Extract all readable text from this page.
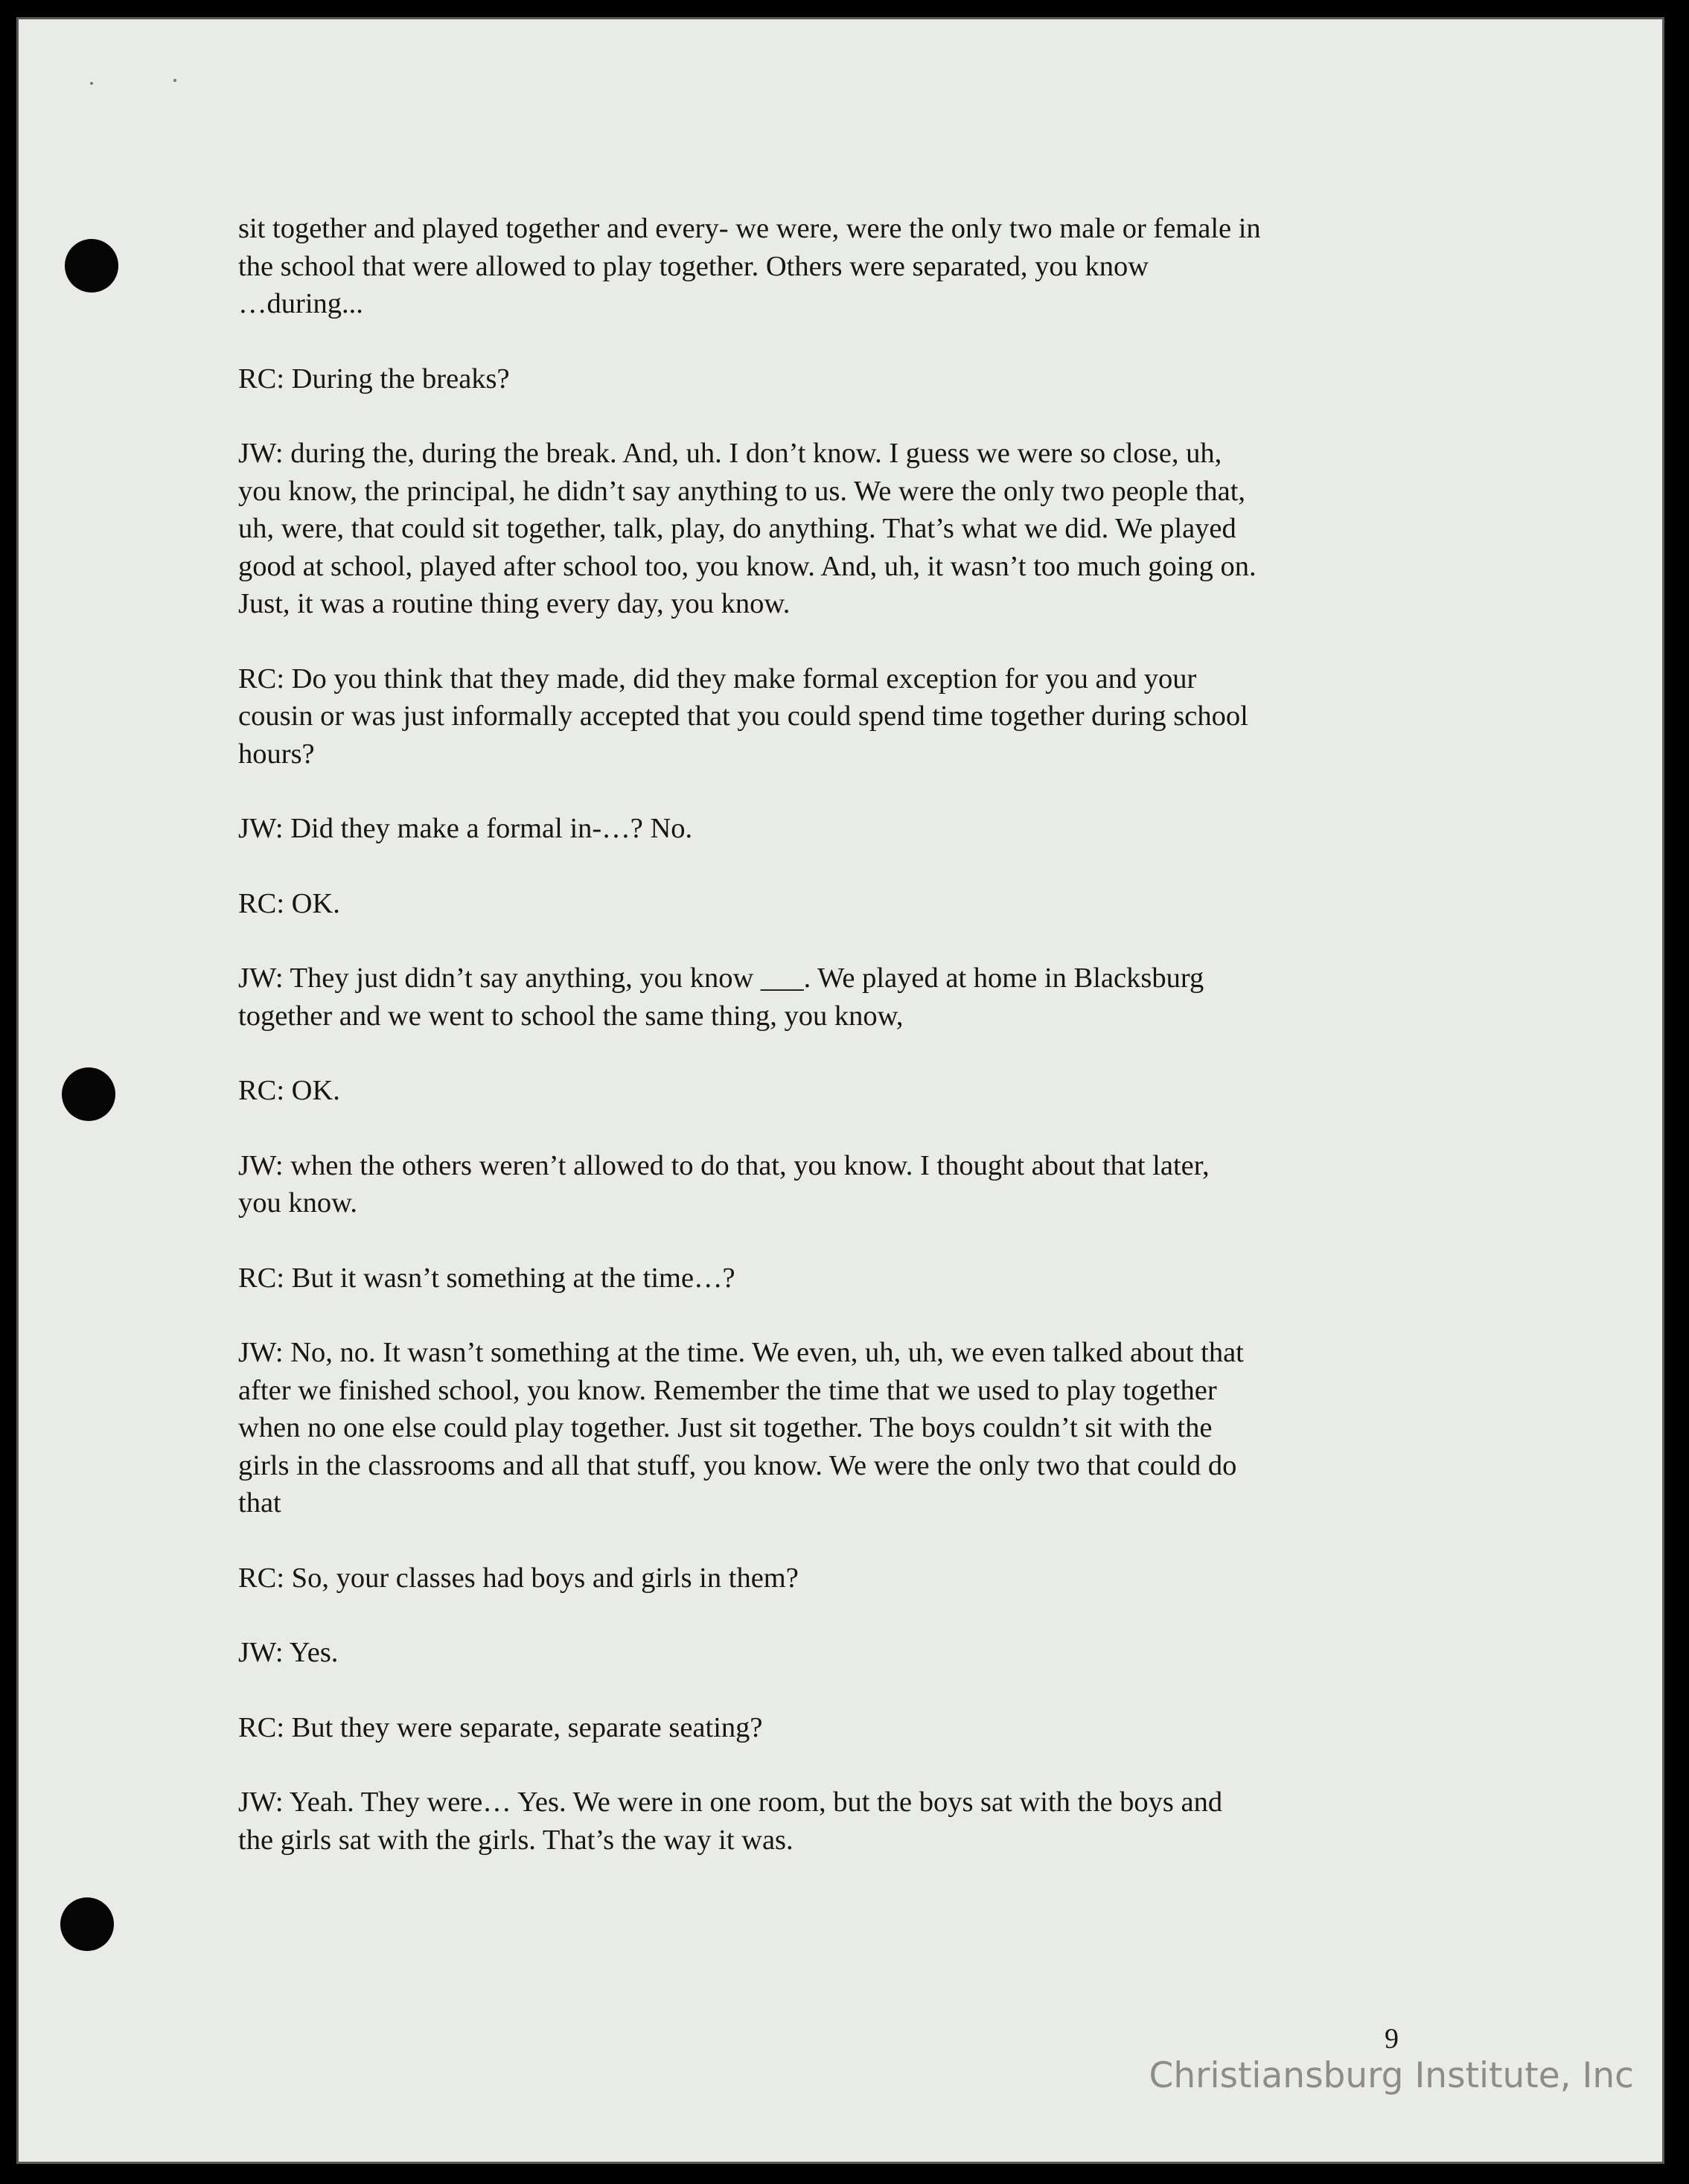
sit together and played together and every- we were, were the only two male or female in
the school that were allowed to play together. Others were separated, you know
…during...
RC: During the breaks?
JW: during the, during the break. And, uh. I don’t know. I guess we were so close, uh,
you know, the principal, he didn’t say anything to us. We were the only two people that,
uh, were, that could sit together, talk, play, do anything. That’s what we did. We played
good at school, played after school too, you know. And, uh, it wasn’t too much going on.
Just, it was a routine thing every day, you know.
RC: Do you think that they made, did they make formal exception for you and your
cousin or was just informally accepted that you could spend time together during school
hours?
JW: Did they make a formal in-…? No.
RC: OK.
JW: They just didn’t say anything, you know ___. We played at home in Blacksburg
together and we went to school the same thing, you know,
RC: OK.
JW: when the others weren’t allowed to do that, you know. I thought about that later,
you know.
RC: But it wasn’t something at the time…?
JW: No, no. It wasn’t something at the time. We even, uh, uh, we even talked about that
after we finished school, you know. Remember the time that we used to play together
when no one else could play together. Just sit together. The boys couldn’t sit with the
girls in the classrooms and all that stuff, you know. We were the only two that could do
that
RC: So, your classes had boys and girls in them?
JW: Yes.
RC: But they were separate, separate seating?
JW: Yeah. They were… Yes. We were in one room, but the boys sat with the boys and
the girls sat with the girls. That’s the way it was.
9
Christiansburg Institute, Inc
